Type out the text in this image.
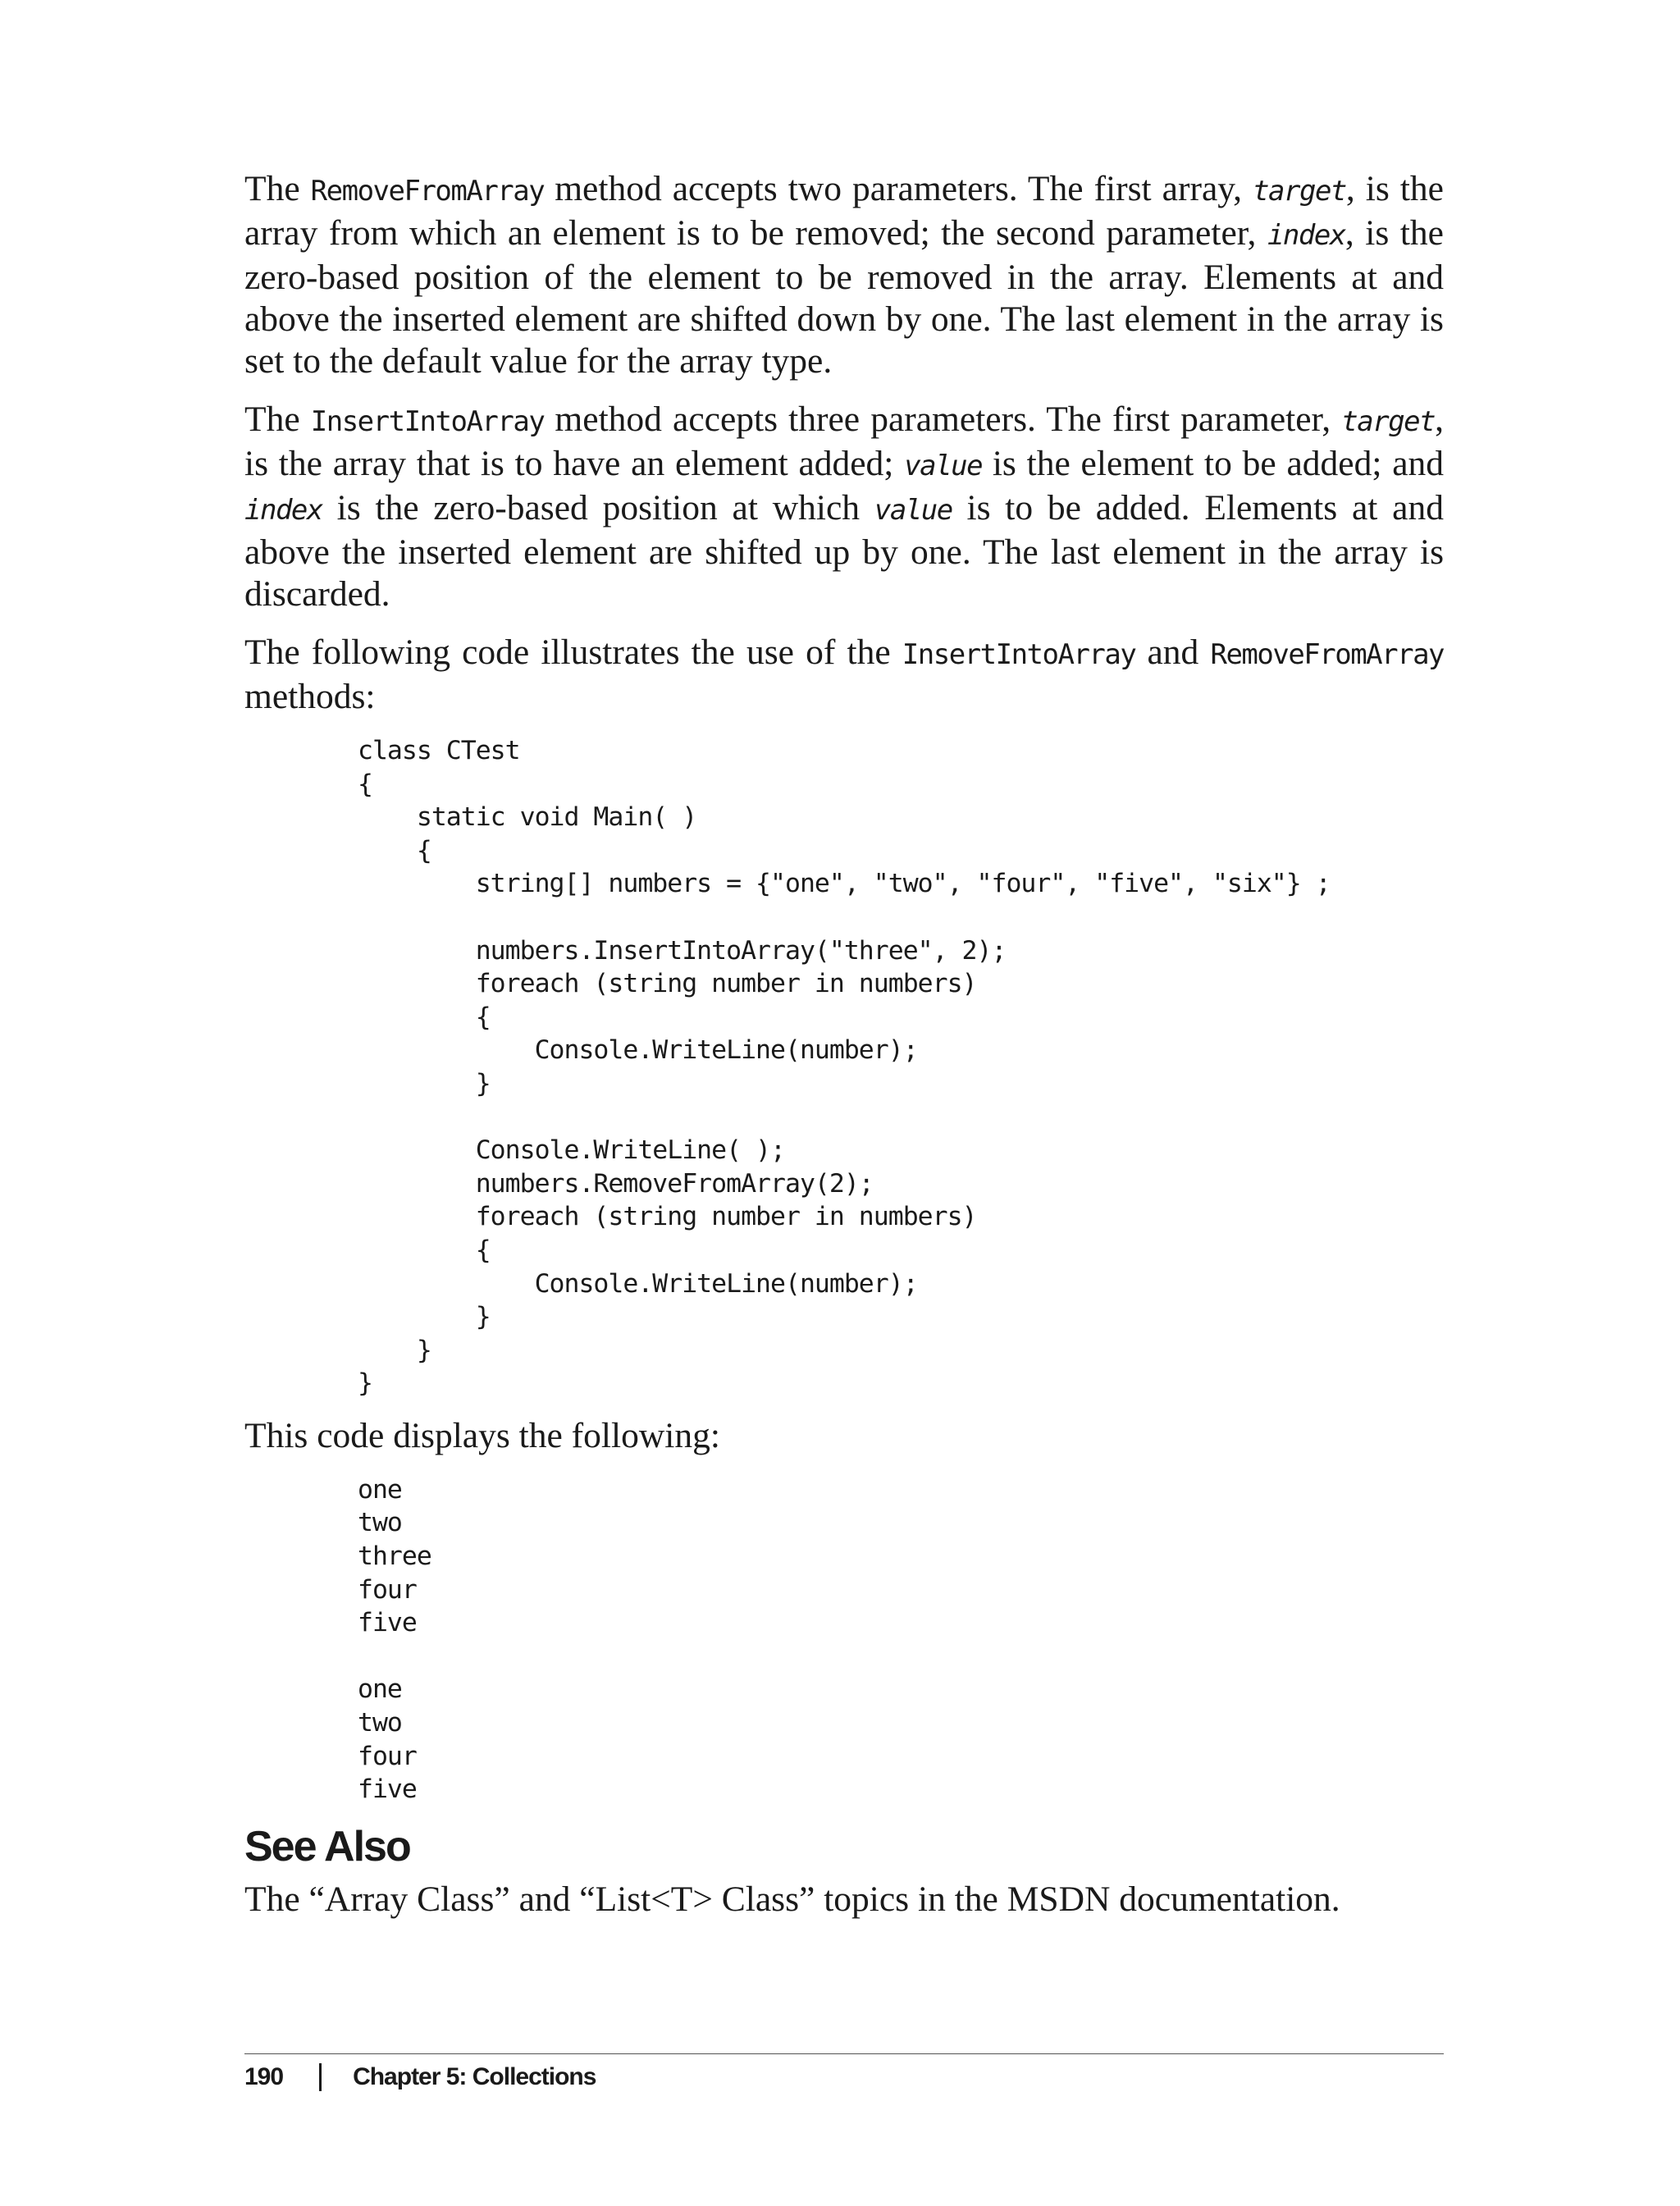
The RemoveFromArray method accepts two parameters. The first array, target, is the array from which an element is to be removed; the second parameter, index, is the zero-based position of the element to be removed in the array. Elements at and above the inserted element are shifted down by one. The last element in the array is set to the default value for the array type.

The InsertIntoArray method accepts three parameters. The first parameter, target, is the array that is to have an element added; value is the element to be added; and index is the zero-based position at which value is to be added. Elements at and above the inserted element are shifted up by one. The last element in the array is discarded.

The following code illustrates the use of the InsertIntoArray and RemoveFromArray methods:

class CTest
{
static void Main( )
{
string[] numbers = {"one", "two", "four", "five", "six"} ;

numbers.InsertIntoArray("three", 2);
foreach (string number in numbers)
{
Console.WriteLine(number);
}

Console.WriteLine( );
numbers.RemoveFromArray(2);
foreach (string number in numbers)
{
Console.WriteLine(number);
}
}
}

This code displays the following:

one
two
three
four
five

one
two
four
five
See Also

The “Array Class” and “List<T> Class” topics in the MSDN documentation.

190	Chapter 5: Collections
